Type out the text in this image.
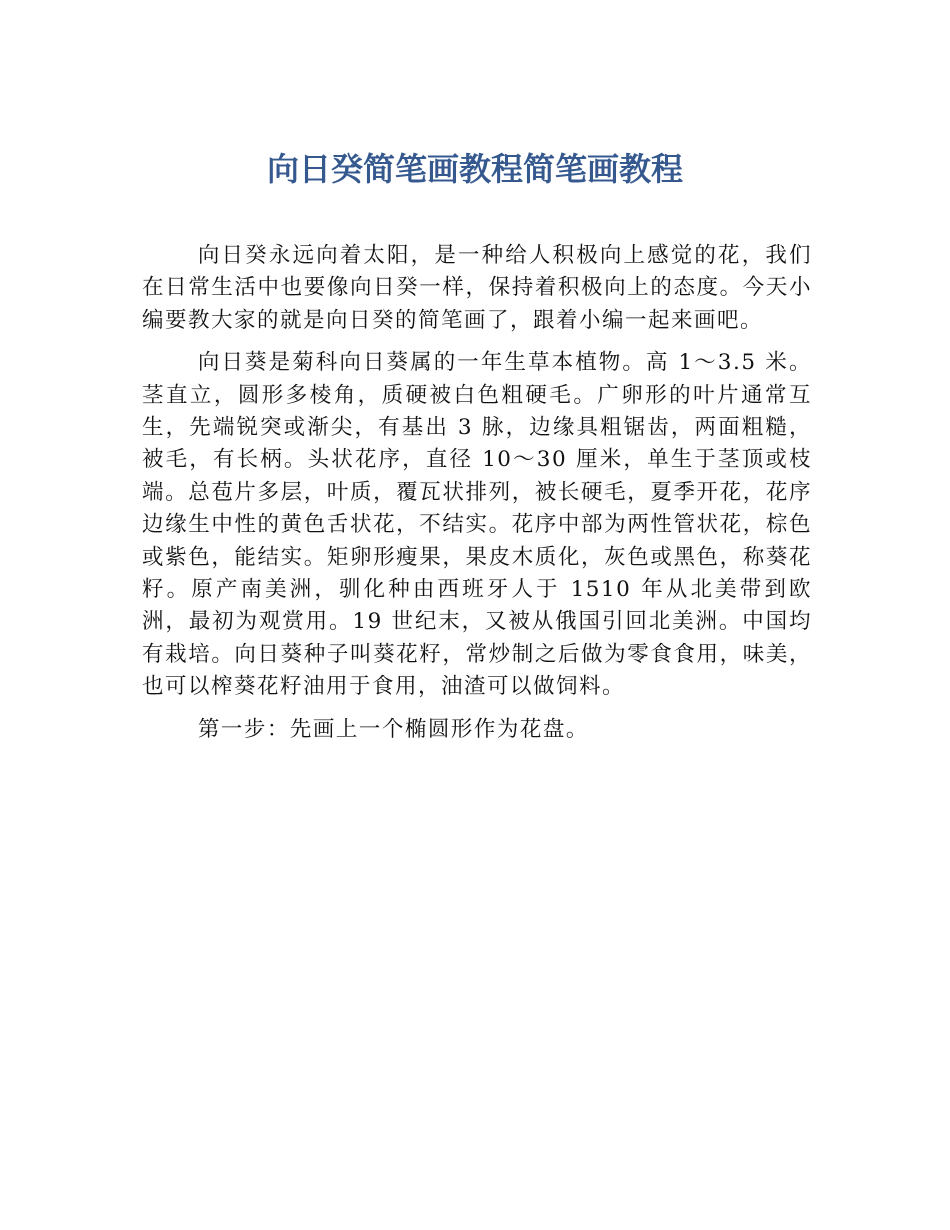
向日癸简笔画教程简笔画教程

向日癸永远向着太阳，是一种给人积极向上感觉的花，我们在日常生活中也要像向日癸一样，保持着积极向上的态度。今天小编要教大家的就是向日癸的简笔画了，跟着小编一起来画吧。

向日葵是菊科向日葵属的一年生草本植物。高 1～3.5 米。茎直立，圆形多棱角，质硬被白色粗硬毛。广卵形的叶片通常互生，先端锐突或渐尖，有基出 3 脉，边缘具粗锯齿，两面粗糙，被毛，有长柄。头状花序，直径 10～30 厘米，单生于茎顶或枝端。总苞片多层，叶质，覆瓦状排列，被长硬毛，夏季开花，花序边缘生中性的黄色舌状花，不结实。花序中部为两性管状花，棕色或紫色，能结实。矩卵形瘦果，果皮木质化，灰色或黑色，称葵花籽。原产南美洲，驯化种由西班牙人于 1510 年从北美带到欧洲，最初为观赏用。19 世纪末，又被从俄国引回北美洲。中国均有栽培。向日葵种子叫葵花籽，常炒制之后做为零食食用，味美，也可以榨葵花籽油用于食用，油渣可以做饲料。

第一步：先画上一个椭圆形作为花盘。
